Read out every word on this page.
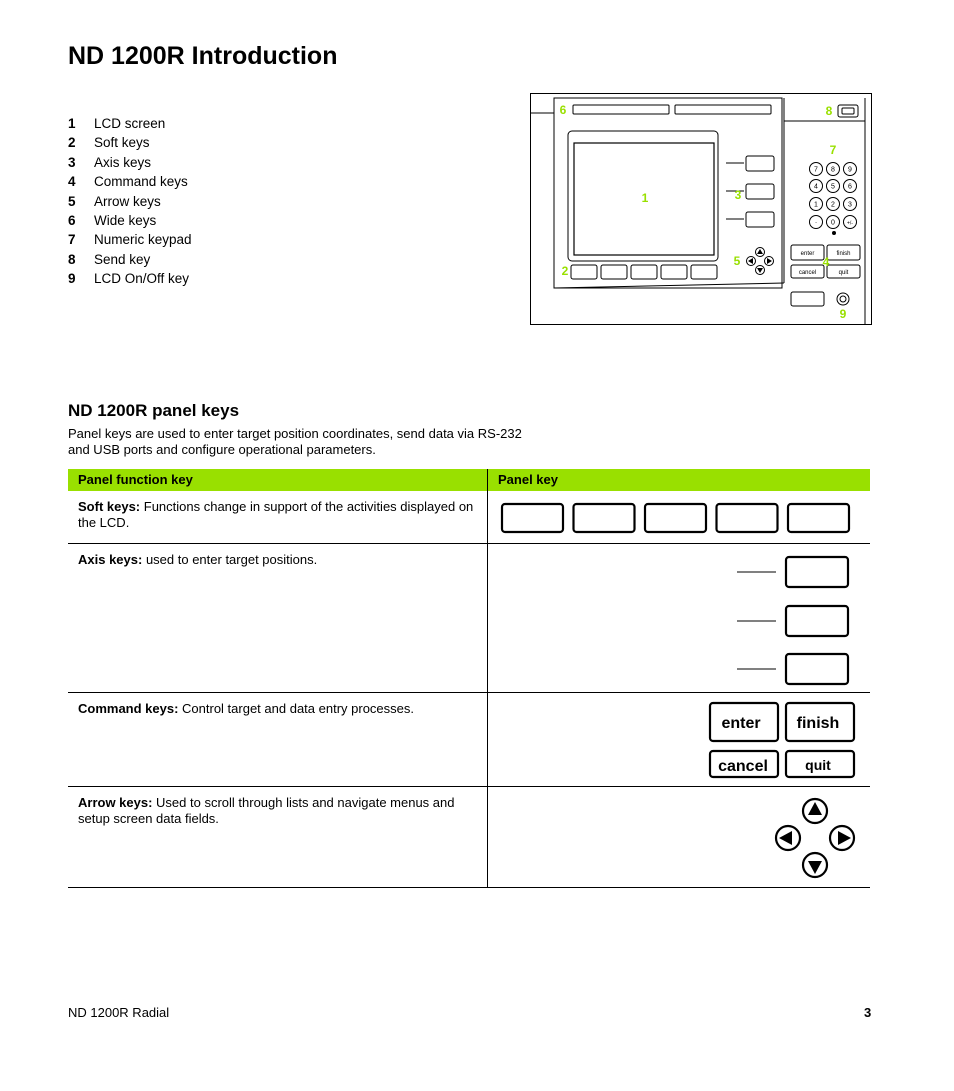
ND 1200R Introduction
1	LCD screen
2	Soft keys
3	Axis keys
4	Command keys
5	Arrow keys
6	Wide keys
7	Numeric keypad
8	Send key
9	LCD On/Off key
7 8 9
4 5 6
1 2 3
· 0 +/-
enter	finish
cancel	quit
1
2
3
4
5
6
7
8
9
ND 1200R panel keys
Panel keys are used to enter target position coordinates, send data via RS-232 and USB ports and configure operational parameters.
Panel function key	Panel key
Soft keys: Functions change in support of the activities displayed on the LCD.
Axis keys: used to enter target positions.
Command keys: Control target and data entry processes.
enter finish
cancel	quit
Arrow keys: Used to scroll through lists and navigate menus and setup screen data fields.
ND 1200R Radial	3
